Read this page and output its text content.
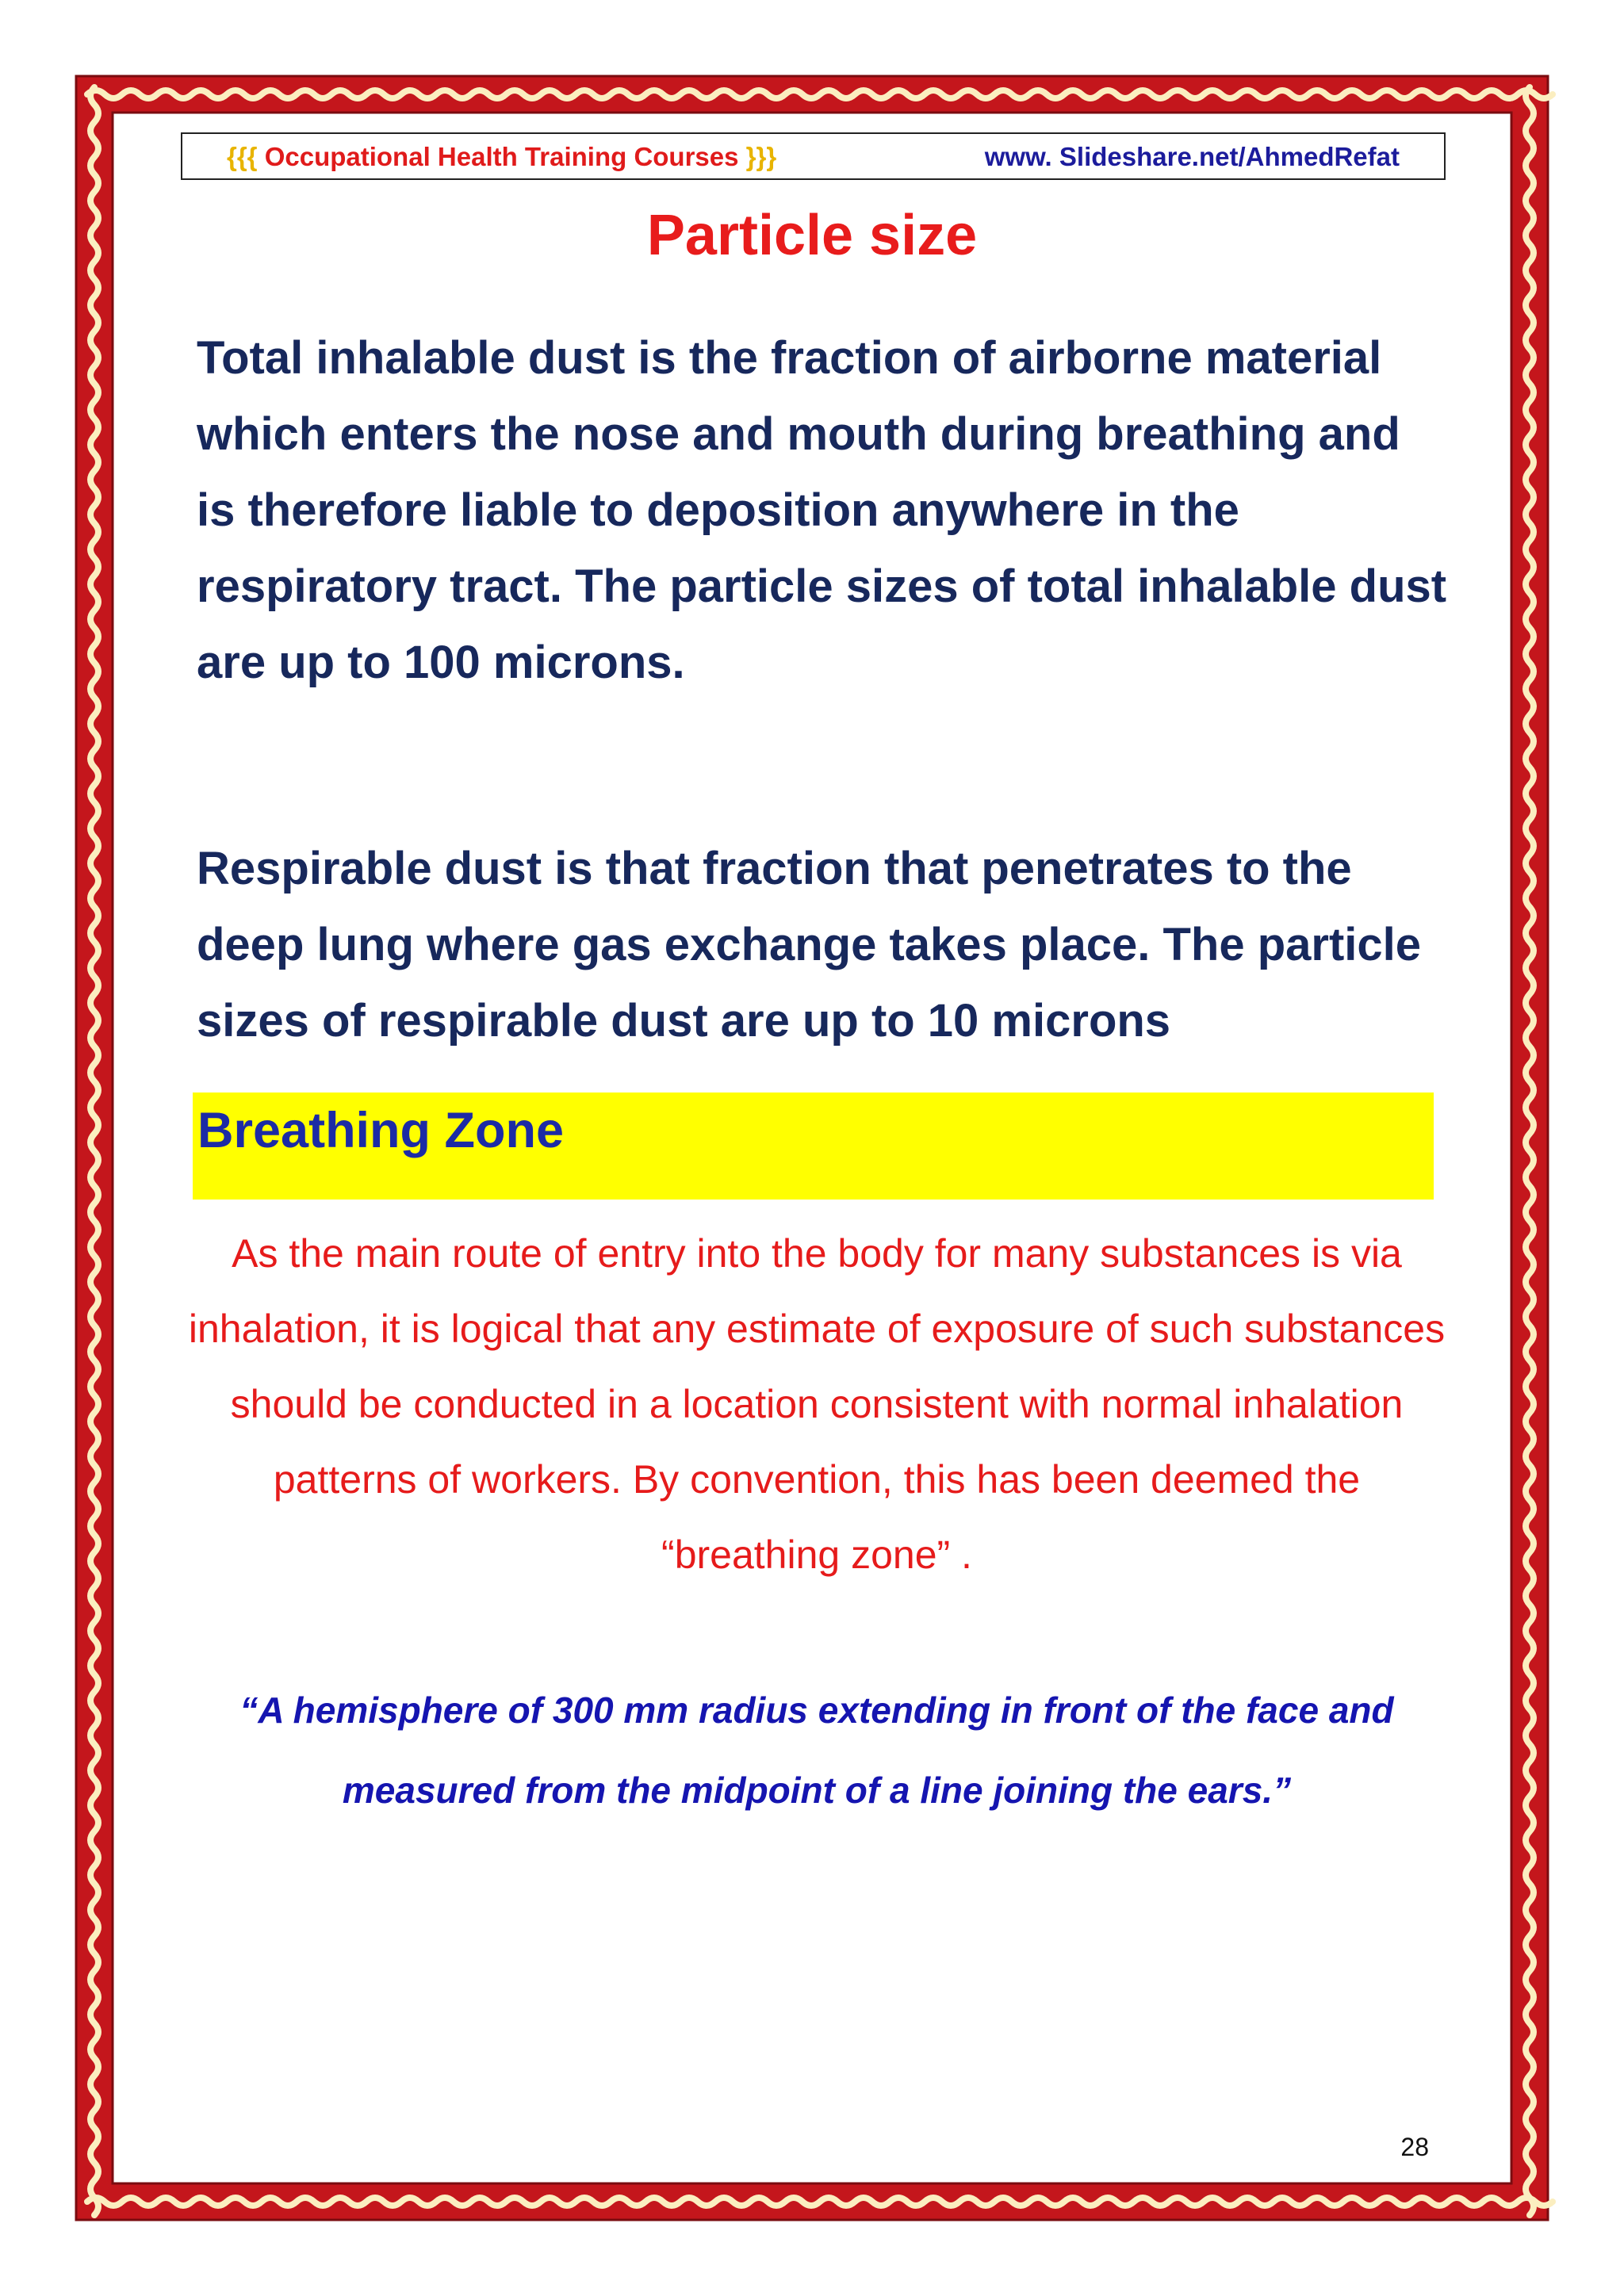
{{{ Occupational Health Training Courses }}}	www. Slideshare.net/AhmedRefat
Particle size
Total inhalable dust is the fraction of airborne material which enters the nose and mouth during breathing and is therefore liable to deposition anywhere in the respiratory tract. The particle sizes of total inhalable dust are up to 100 microns.
Respirable dust is that fraction that penetrates to the deep lung where gas exchange takes place. The particle sizes of respirable dust are up to 10 microns
Breathing Zone
As the main route of entry into the body for many substances is via inhalation, it is logical that any estimate of exposure of such substances should be conducted in a location consistent with normal inhalation patterns of workers. By convention, this has been deemed the “breathing zone” .
“A hemisphere of 300 mm radius extending in front of the face and measured from the midpoint of a line joining the ears.”
28
